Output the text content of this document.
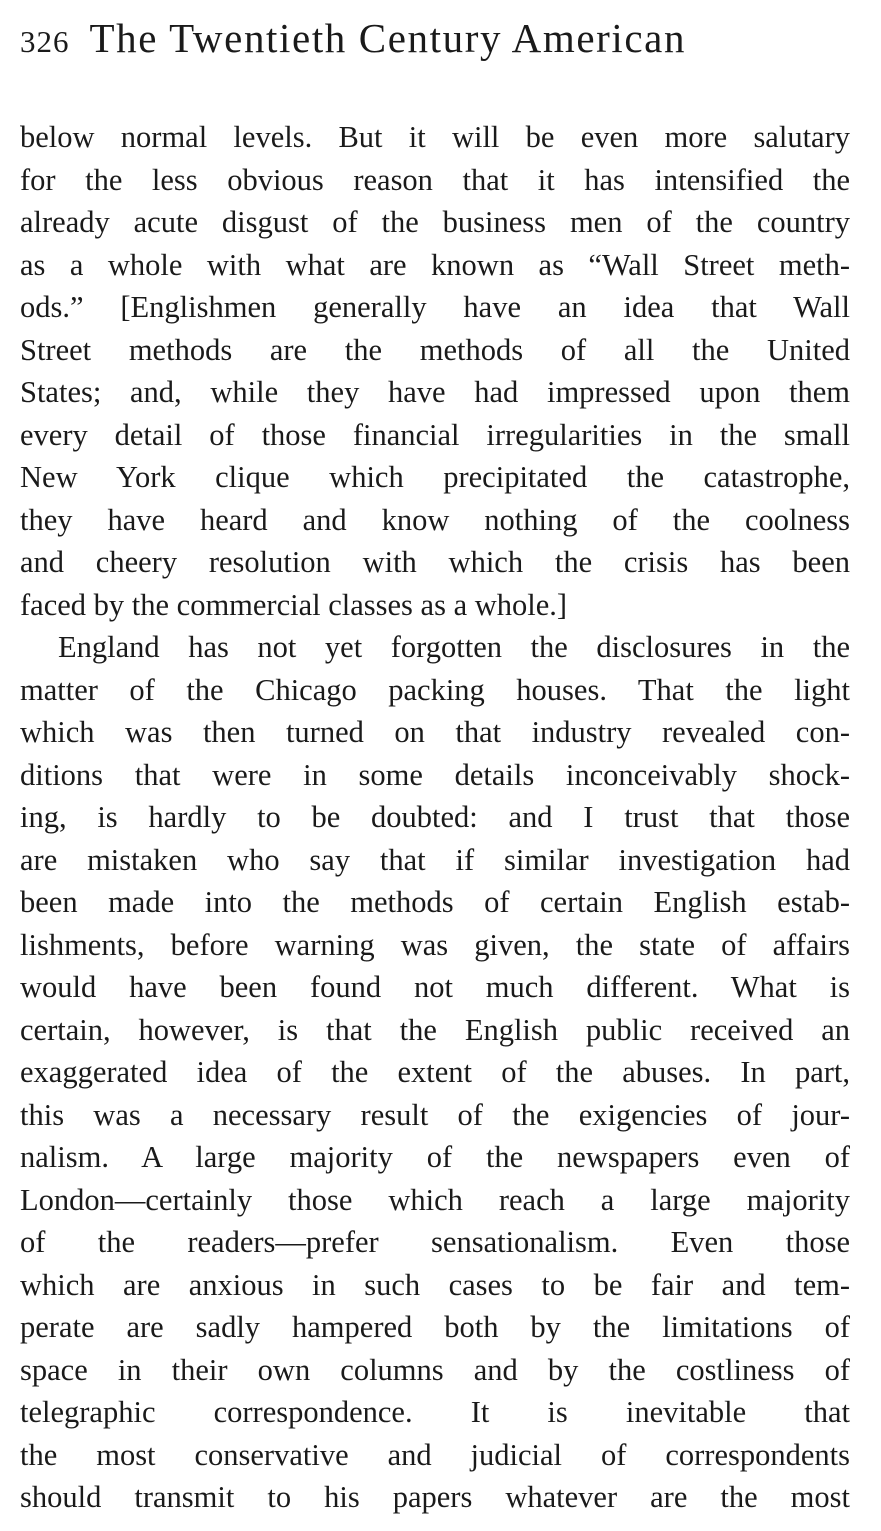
326 The Twentieth Century American
below normal levels. But it will be even more salutary
for the less obvious reason that it has intensified the
already acute disgust of the business men of the country
as a whole with what are known as “Wall Street meth-
ods.” [Englishmen generally have an idea that Wall
Street methods are the methods of all the United
States; and, while they have had impressed upon them
every detail of those financial irregularities in the small
New York clique which precipitated the catastrophe,
they have heard and know nothing of the coolness
and cheery resolution with which the crisis has been
faced by the commercial classes as a whole.]
England has not yet forgotten the disclosures in the
matter of the Chicago packing houses. That the light
which was then turned on that industry revealed con-
ditions that were in some details inconceivably shock-
ing, is hardly to be doubted: and I trust that those
are mistaken who say that if similar investigation had
been made into the methods of certain English estab-
lishments, before warning was given, the state of affairs
would have been found not much different. What is
certain, however, is that the English public received an
exaggerated idea of the extent of the abuses. In part,
this was a necessary result of the exigencies of jour-
nalism. A large majority of the newspapers even of
London—certainly those which reach a large majority
of the readers—prefer sensationalism. Even those
which are anxious in such cases to be fair and tem-
perate are sadly hampered both by the limitations of
space in their own columns and by the costliness of
telegraphic correspondence. It is inevitable that
the most conservative and judicial of correspondents
should transmit to his papers whatever are the most
